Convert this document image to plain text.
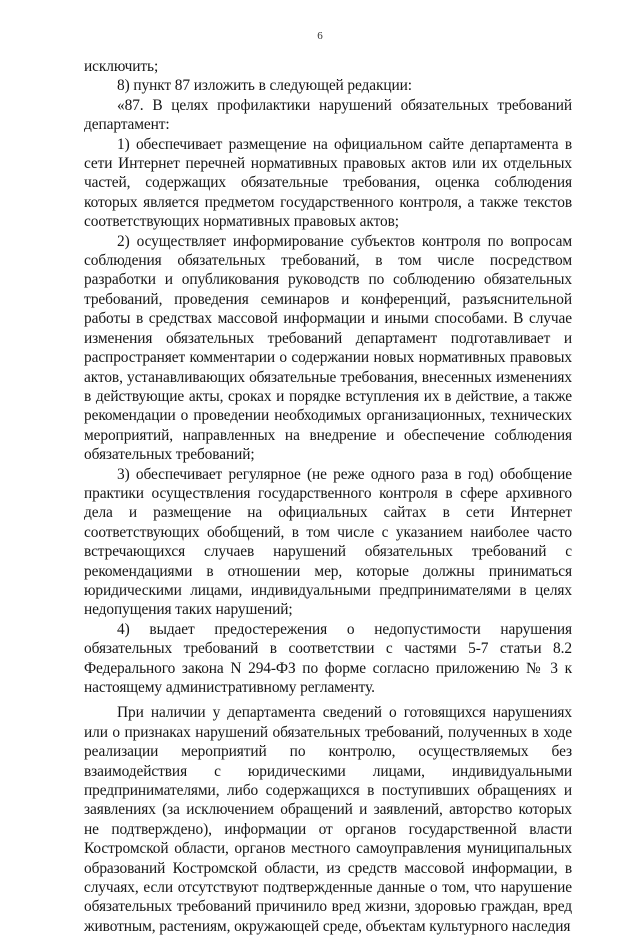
6

исключить;

8) пункт 87 изложить в следующей редакции:

«87. В целях профилактики нарушений обязательных требований департамент:

1) обеспечивает размещение на официальном сайте департамента в сети Интернет перечней нормативных правовых актов или их отдельных частей, содержащих обязательные требования, оценка соблюдения которых является предметом государственного контроля, а также текстов соответствующих нормативных правовых актов;

2) осуществляет информирование субъектов контроля по вопросам соблюдения обязательных требований, в том числе посредством разработки и опубликования руководств по соблюдению обязательных требований, проведения семинаров и конференций, разъяснительной работы в средствах массовой информации и иными способами. В случае изменения обязательных требований департамент подготавливает и распространяет комментарии о содержании новых нормативных правовых актов, устанавливающих обязательные требования, внесенных изменениях в действующие акты, сроках и порядке вступления их в действие, а также рекомендации о проведении необходимых организационных, технических мероприятий, направленных на внедрение и обеспечение соблюдения обязательных требований;

3) обеспечивает регулярное (не реже одного раза в год) обобщение практики осуществления государственного контроля в сфере архивного дела и размещение на официальных сайтах в сети Интернет соответствующих обобщений, в том числе с указанием наиболее часто встречающихся случаев нарушений обязательных требований с рекомендациями в отношении мер, которые должны приниматься юридическими лицами, индивидуальными предпринимателями в целях недопущения таких нарушений;

4) выдает предостережения о недопустимости нарушения обязательных требований в соответствии с частями 5-7 статьи 8.2 Федерального закона N 294-ФЗ по форме согласно приложению № 3 к настоящему административному регламенту.

При наличии у департамента сведений о готовящихся нарушениях или о признаках нарушений обязательных требований, полученных в ходе реализации мероприятий по контролю, осуществляемых без взаимодействия с юридическими лицами, индивидуальными предпринимателями, либо содержащихся в поступивших обращениях и заявлениях (за исключением обращений и заявлений, авторство которых не подтверждено), информации от органов государственной власти Костромской области, органов местного самоуправления муниципальных образований Костромской области, из средств массовой информации, в случаях, если отсутствуют подтвержденные данные о том, что нарушение обязательных требований причинило вред жизни, здоровью граждан, вред животным, растениям, окружающей среде, объектам культурного наследия
